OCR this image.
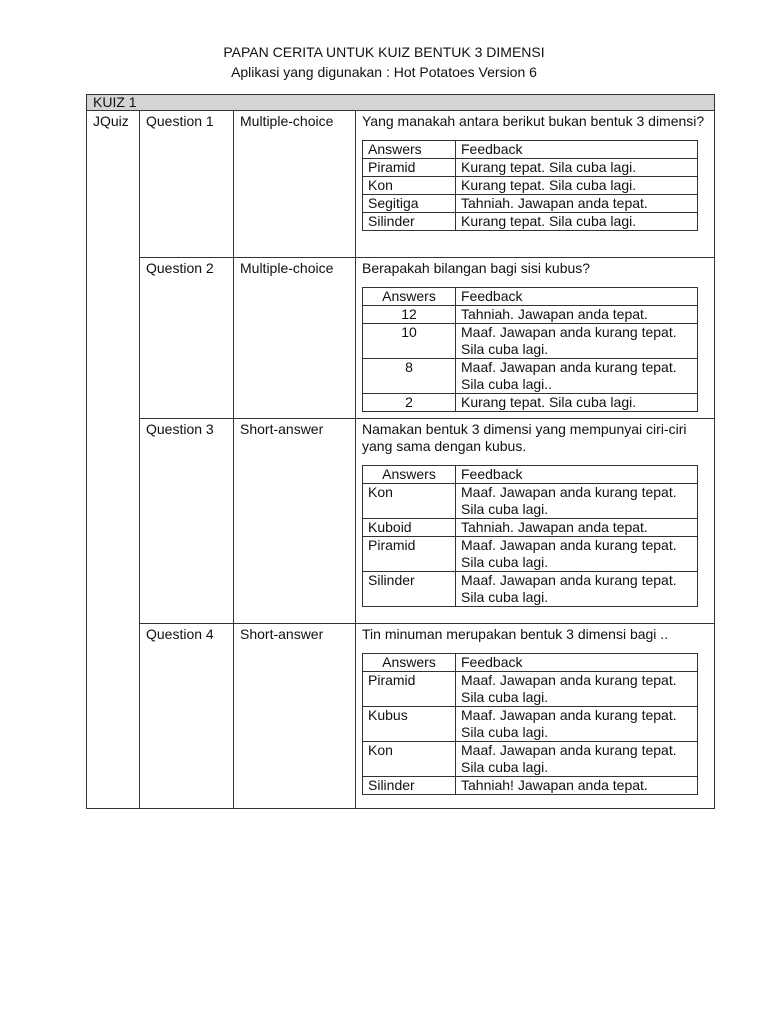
PAPAN CERITA UNTUK KUIZ BENTUK 3 DIMENSI
Aplikasi yang digunakan : Hot Potatoes Version 6
KUIZ 1
JQuiz	Question 1	Multiple-choice	Yang manakah antara berikut bukan bentuk 3 dimensi?
Answers	Feedback
Piramid	Kurang tepat. Sila cuba lagi.
Kon	Kurang tepat. Sila cuba lagi.
Segitiga	Tahniah. Jawapan anda tepat.
Silinder	Kurang tepat. Sila cuba lagi.

Question 2	Multiple-choice	Berapakah bilangan bagi sisi kubus?
Answers	Feedback
12	Tahniah. Jawapan anda tepat.
10	Maaf. Jawapan anda kurang tepat. Sila cuba lagi.
8	Maaf. Jawapan anda kurang tepat. Sila cuba lagi..
2	Kurang tepat. Sila cuba lagi.

Question 3	Short-answer	Namakan bentuk 3 dimensi yang mempunyai ciri-ciri yang sama dengan kubus.
Answers	Feedback
Kon	Maaf. Jawapan anda kurang tepat. Sila cuba lagi.
Kuboid	Tahniah. Jawapan anda tepat.
Piramid	Maaf. Jawapan anda kurang tepat. Sila cuba lagi.
Silinder	Maaf. Jawapan anda kurang tepat. Sila cuba lagi.

Question 4	Short-answer	Tin minuman merupakan bentuk 3 dimensi bagi ..
Answers	Feedback
Piramid	Maaf. Jawapan anda kurang tepat. Sila cuba lagi.
Kubus	Maaf. Jawapan anda kurang tepat. Sila cuba lagi.
Kon	Maaf. Jawapan anda kurang tepat. Sila cuba lagi.
Silinder	Tahniah! Jawapan anda tepat.
